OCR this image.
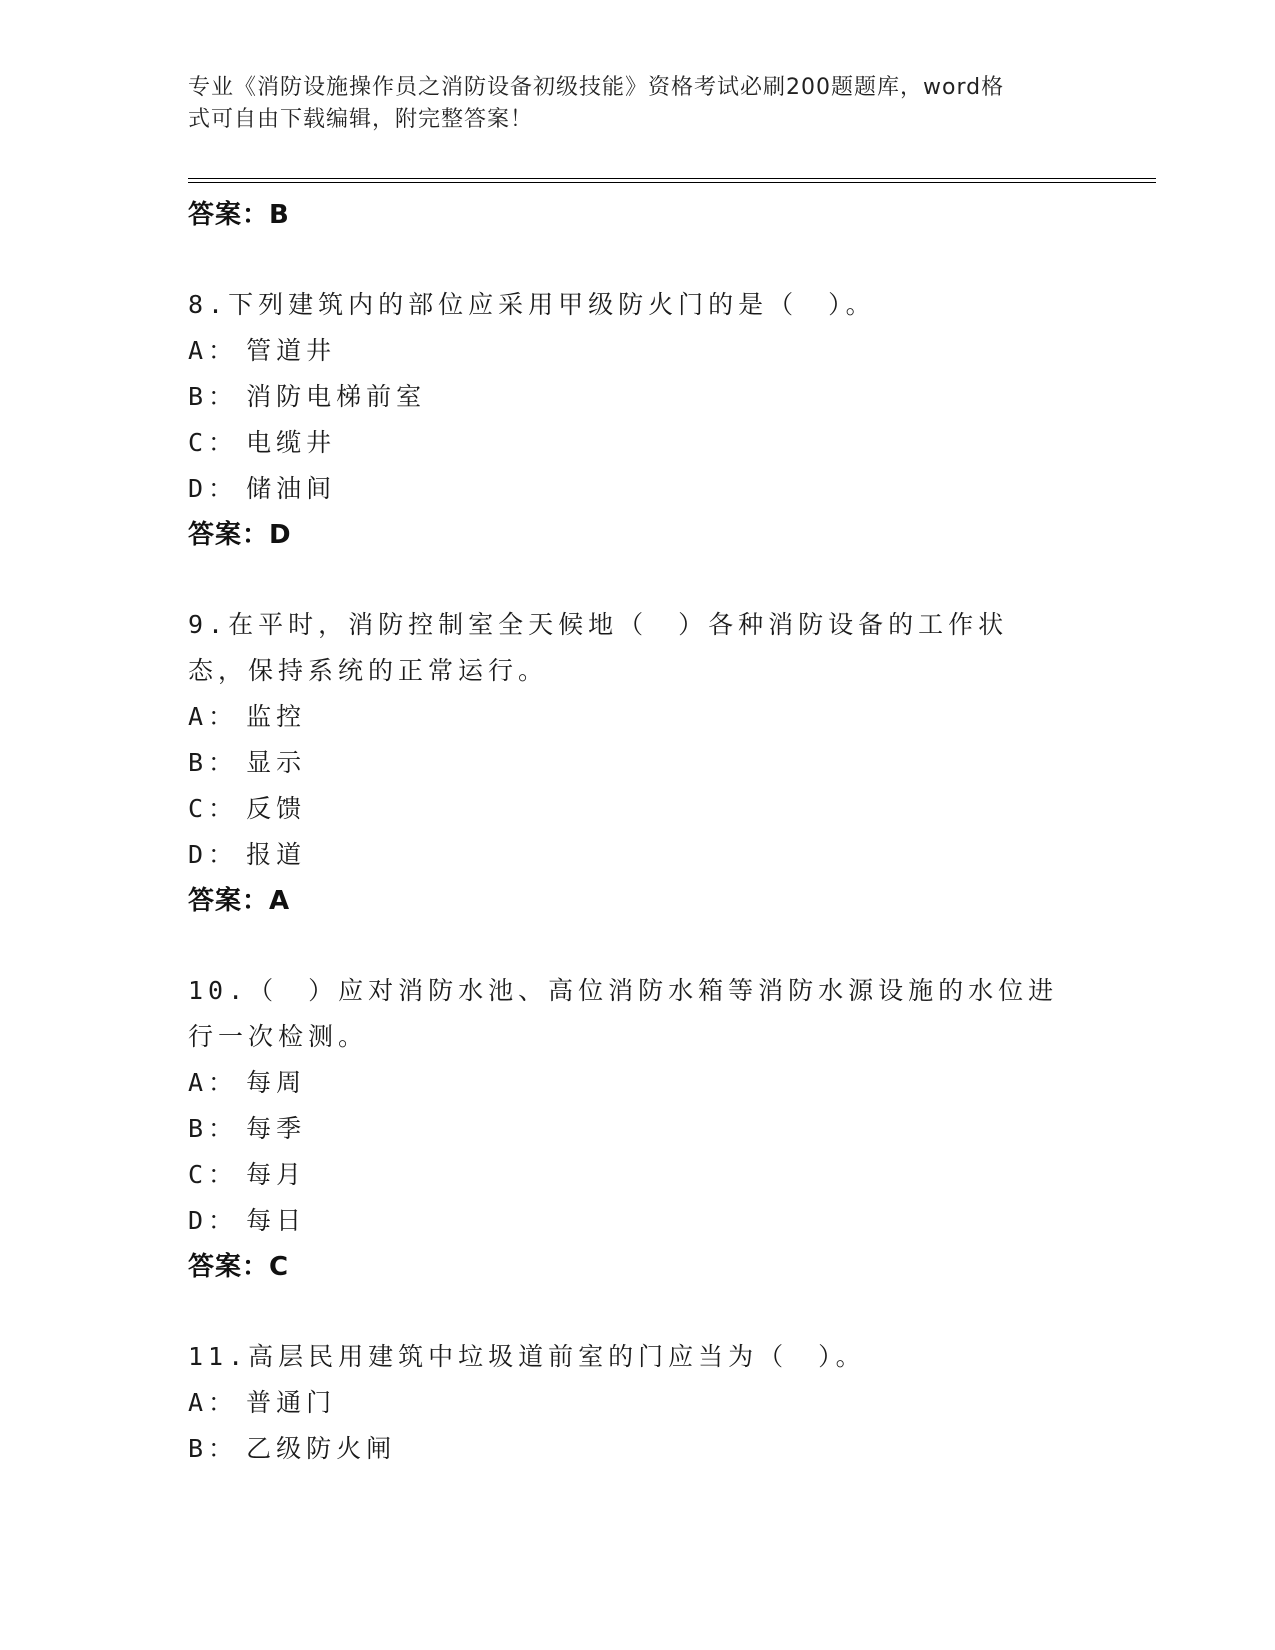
专业《消防设施操作员之消防设备初级技能》资格考试必刷200题题库，word格
式可自由下载编辑，附完整答案！
答案：B
8.下列建筑内的部位应采用甲级防火门的是（　）。
A： 管道井
B： 消防电梯前室
C： 电缆井
D： 储油间
答案：D
9.在平时，消防控制室全天候地（　）各种消防设备的工作状态，保持系统的正常运行。
A： 监控
B： 显示
C： 反馈
D： 报道
答案：A
10.（　）应对消防水池、高位消防水箱等消防水源设施的水位进行一次检测。
A： 每周
B： 每季
C： 每月
D： 每日
答案：C
11.高层民用建筑中垃圾道前室的门应当为（　）。
A： 普通门
B： 乙级防火闸
